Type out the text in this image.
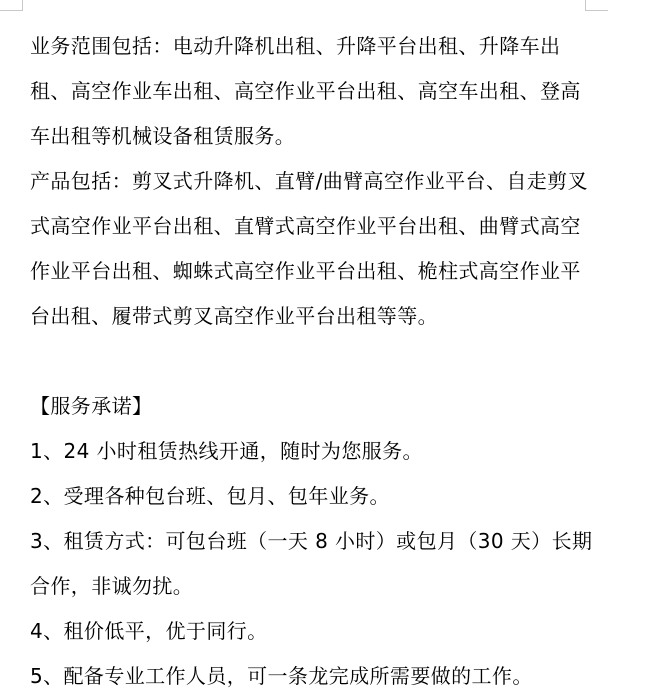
业务范围包括：电动升降机出租、升降平台出租、升降车出租、高空作业车出租、高空作业平台出租、高空车出租、登高车出租等机械设备租赁服务。

产品包括：剪叉式升降机、直臂/曲臂高空作业平台、自走剪叉式高空作业平台出租、直臂式高空作业平台出租、曲臂式高空作业平台出租、蜘蛛式高空作业平台出租、桅柱式高空作业平台出租、履带式剪叉高空作业平台出租等等。

【服务承诺】

1、24 小时租赁热线开通，随时为您服务。

2、受理各种包台班、包月、包年业务。

3、租赁方式：可包台班（一天 8 小时）或包月（30 天）长期合作，非诚勿扰。

4、租价低平，优于同行。

5、配备专业工作人员，可一条龙完成所需要做的工作。
